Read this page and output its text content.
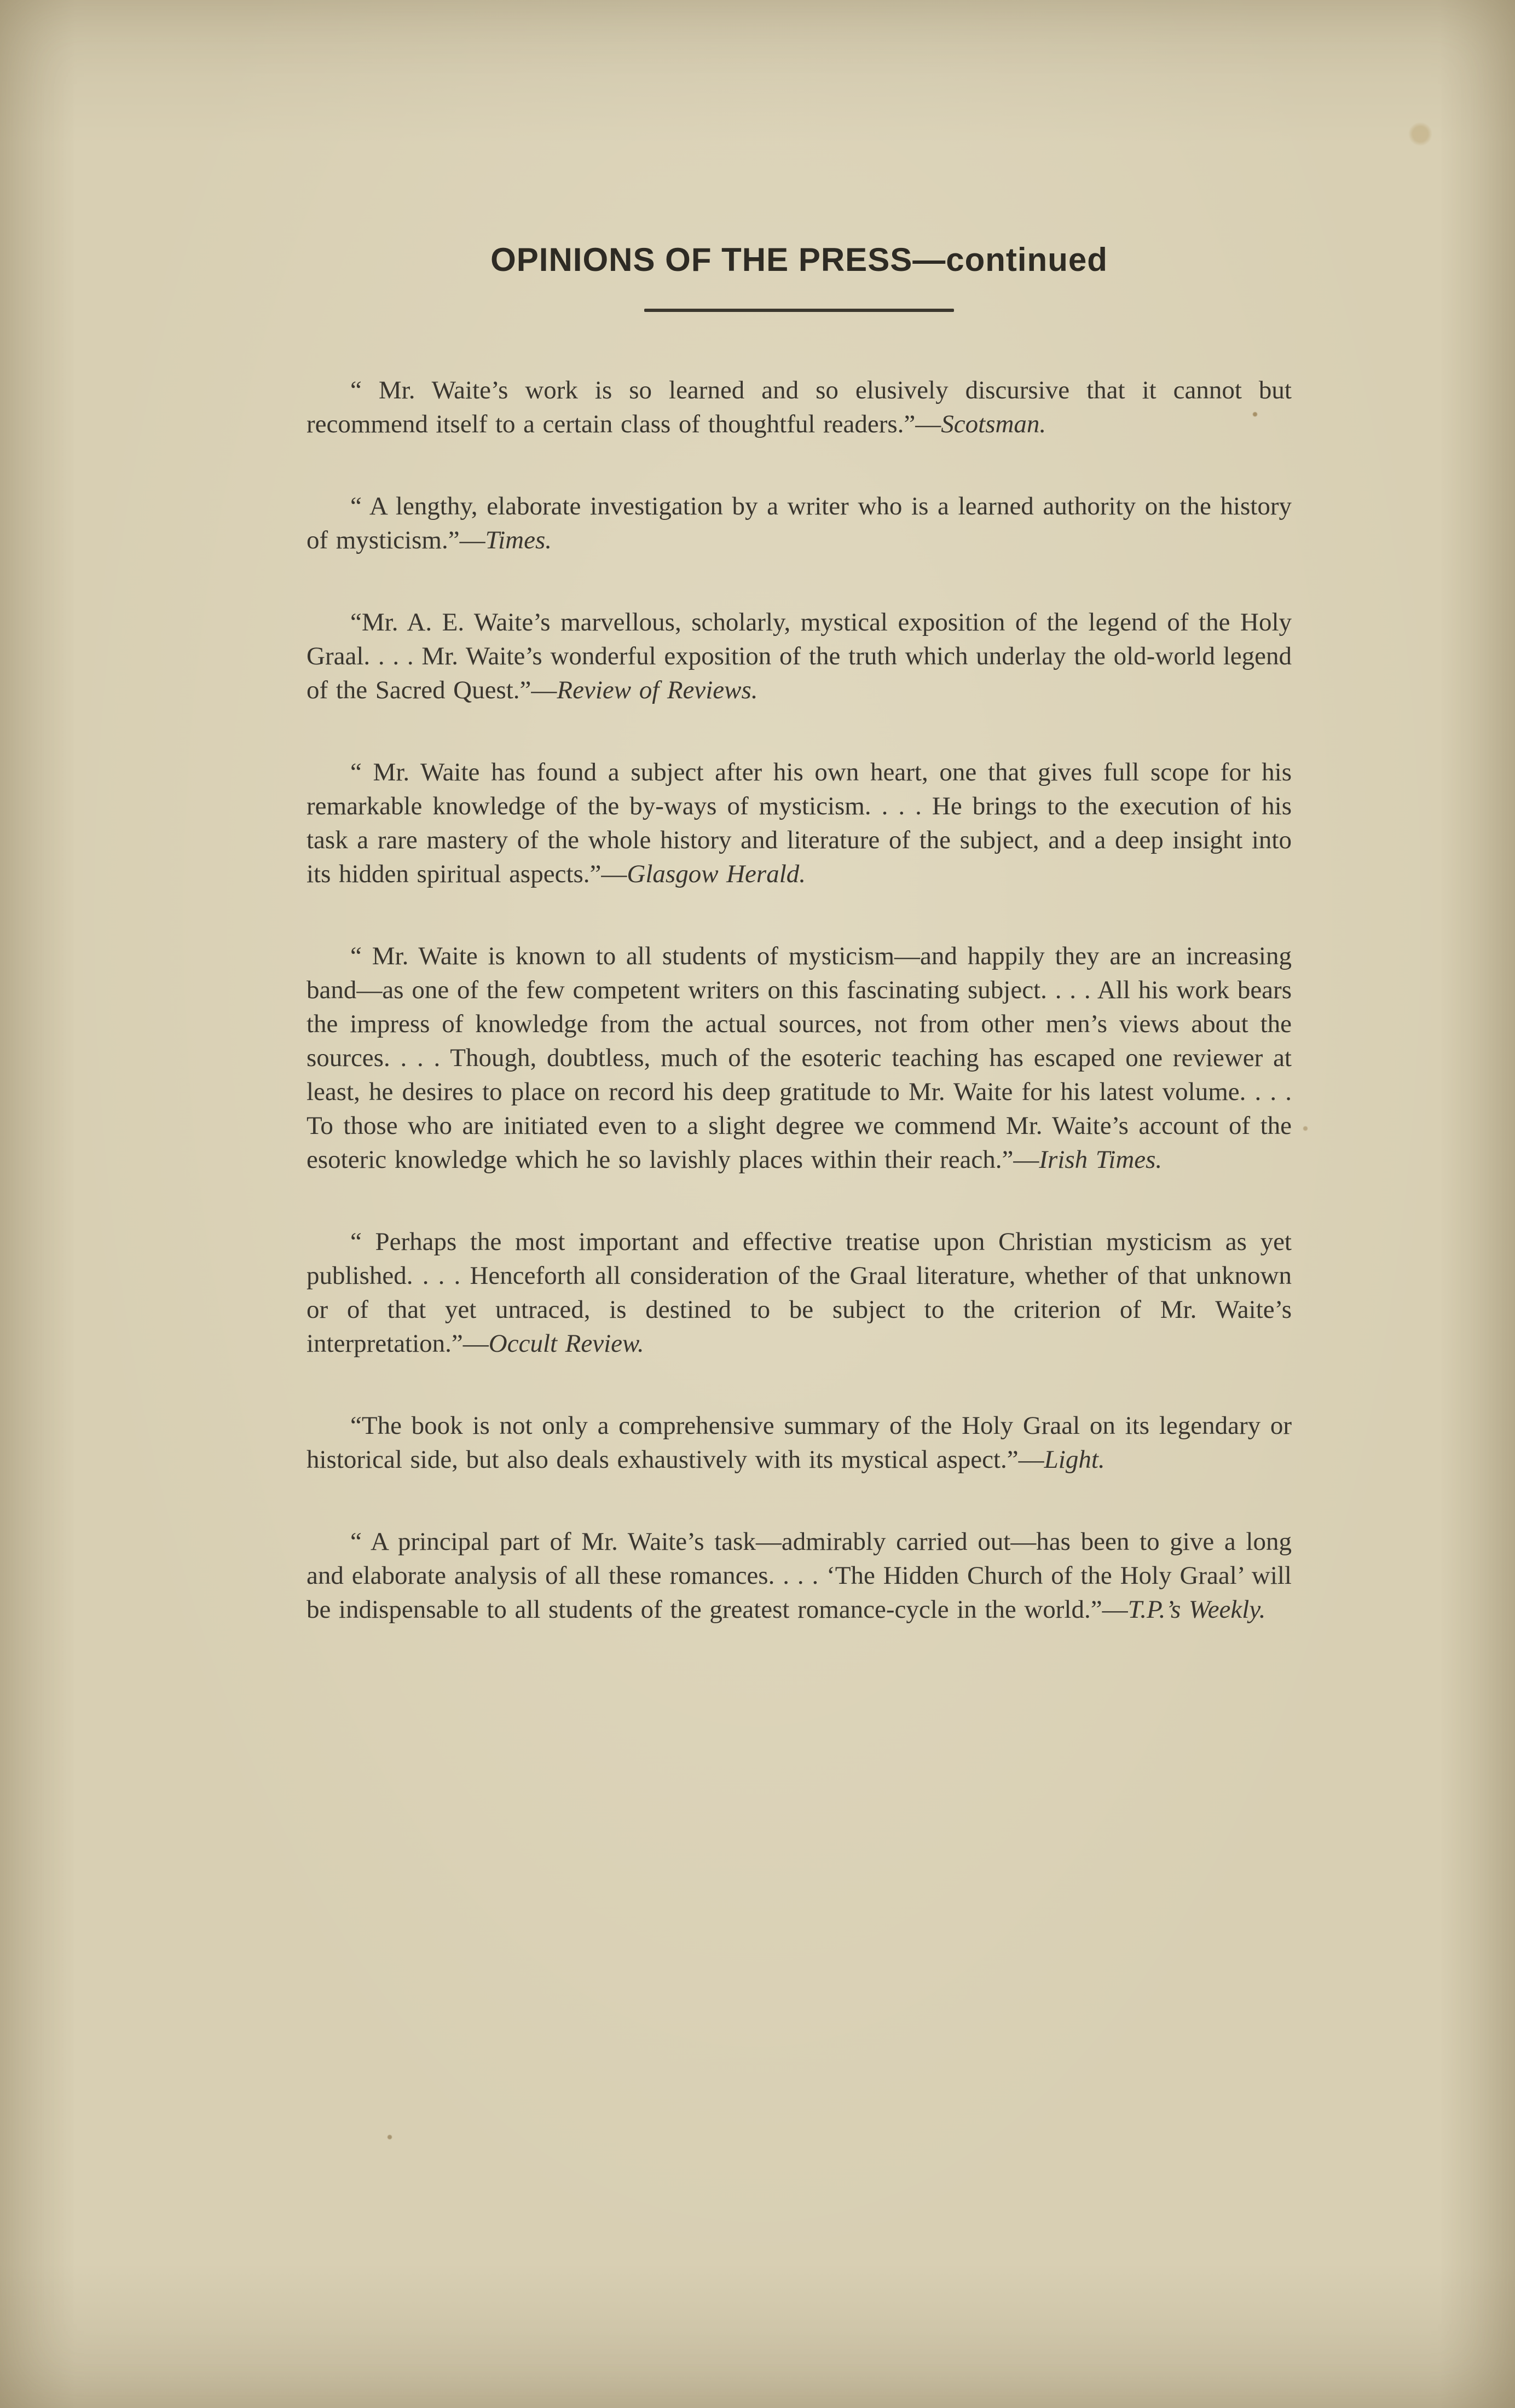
OPINIONS OF THE PRESS—continued

“ Mr. Waite’s work is so learned and so elusively discursive that it cannot but recommend itself to a certain class of thoughtful readers.”—Scotsman.

“ A lengthy, elaborate investigation by a writer who is a learned authority on the history of mysticism.”—Times.

“Mr. A. E. Waite’s marvellous, scholarly, mystical exposition of the legend of the Holy Graal. . . . Mr. Waite’s wonderful exposition of the truth which underlay the old-world legend of the Sacred Quest.”—Review of Reviews.

“ Mr. Waite has found a subject after his own heart, one that gives full scope for his remarkable knowledge of the by-ways of mysticism. . . . He brings to the execution of his task a rare mastery of the whole history and literature of the subject, and a deep insight into its hidden spiritual aspects.”—Glasgow Herald.

“ Mr. Waite is known to all students of mysticism—and happily they are an increasing band—as one of the few competent writers on this fascinating subject. . . . All his work bears the impress of knowledge from the actual sources, not from other men’s views about the sources. . . . Though, doubtless, much of the esoteric teaching has escaped one reviewer at least, he desires to place on record his deep gratitude to Mr. Waite for his latest volume. . . . To those who are initiated even to a slight degree we commend Mr. Waite’s account of the esoteric knowledge which he so lavishly places within their reach.”—Irish Times.

“ Perhaps the most important and effective treatise upon Christian mysticism as yet published. . . . Henceforth all consideration of the Graal literature, whether of that unknown or of that yet untraced, is destined to be subject to the criterion of Mr. Waite’s interpretation.”—Occult Review.

“The book is not only a comprehensive summary of the Holy Graal on its legendary or historical side, but also deals exhaustively with its mystical aspect.”—Light.

“ A principal part of Mr. Waite’s task—admirably carried out—has been to give a long and elaborate analysis of all these romances. . . . ‘The Hidden Church of the Holy Graal’ will be indispensable to all students of the greatest romance-cycle in the world.”—T.P.’s Weekly.
